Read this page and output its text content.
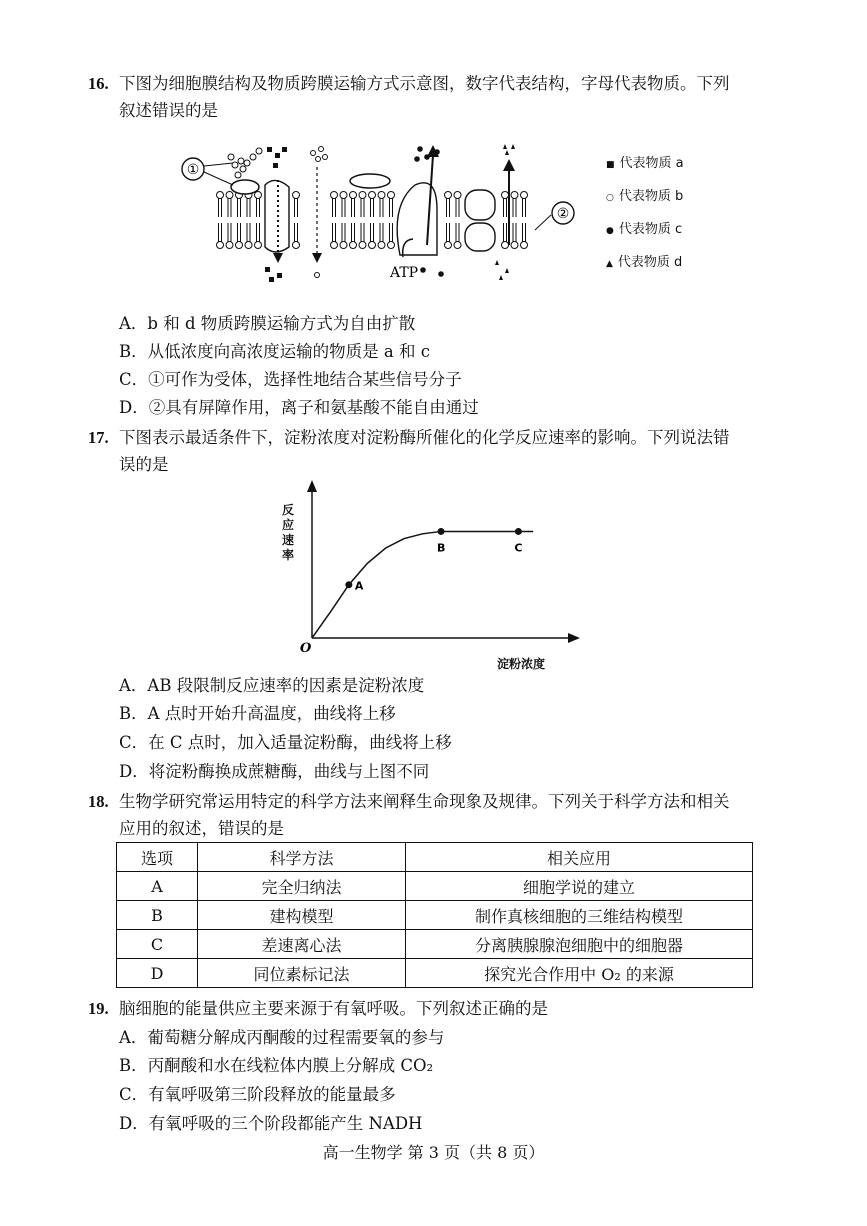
16. 下图为细胞膜结构及物质跨膜运输方式示意图，数字代表结构，字母代表物质。下列
叙述错误的是
①
ATP
②
■ 代表物质 a
○ 代表物质 b
● 代表物质 c
▲ 代表物质 d
A．b 和 d 物质跨膜运输方式为自由扩散
B．从低浓度向高浓度运输的物质是 a 和 c
C．①可作为受体，选择性地结合某些信号分子
D．②具有屏障作用，离子和氨基酸不能自由通过
17. 下图表示最适条件下，淀粉浓度对淀粉酶所催化的化学反应速率的影响。下列说法错
误的是
O
A
B	C
反应速率
淀粉浓度
A．AB 段限制反应速率的因素是淀粉浓度
B．A 点时开始升高温度，曲线将上移
C．在 C 点时，加入适量淀粉酶，曲线将上移
D．将淀粉酶换成蔗糖酶，曲线与上图不同
18. 生物学研究常运用特定的科学方法来阐释生命现象及规律。下列关于科学方法和相关
应用的叙述，错误的是
选项	科学方法	相关应用
A	完全归纳法	细胞学说的建立
B	建构模型	制作真核细胞的三维结构模型
C	差速离心法	分离胰腺腺泡细胞中的细胞器
D	同位素标记法	探究光合作用中 O₂ 的来源
19. 脑细胞的能量供应主要来源于有氧呼吸。下列叙述正确的是
A．葡萄糖分解成丙酮酸的过程需要氧的参与
B．丙酮酸和水在线粒体内膜上分解成 CO₂
C．有氧呼吸第三阶段释放的能量最多
D．有氧呼吸的三个阶段都能产生 NADH
高一生物学 第 3 页（共 8 页）
